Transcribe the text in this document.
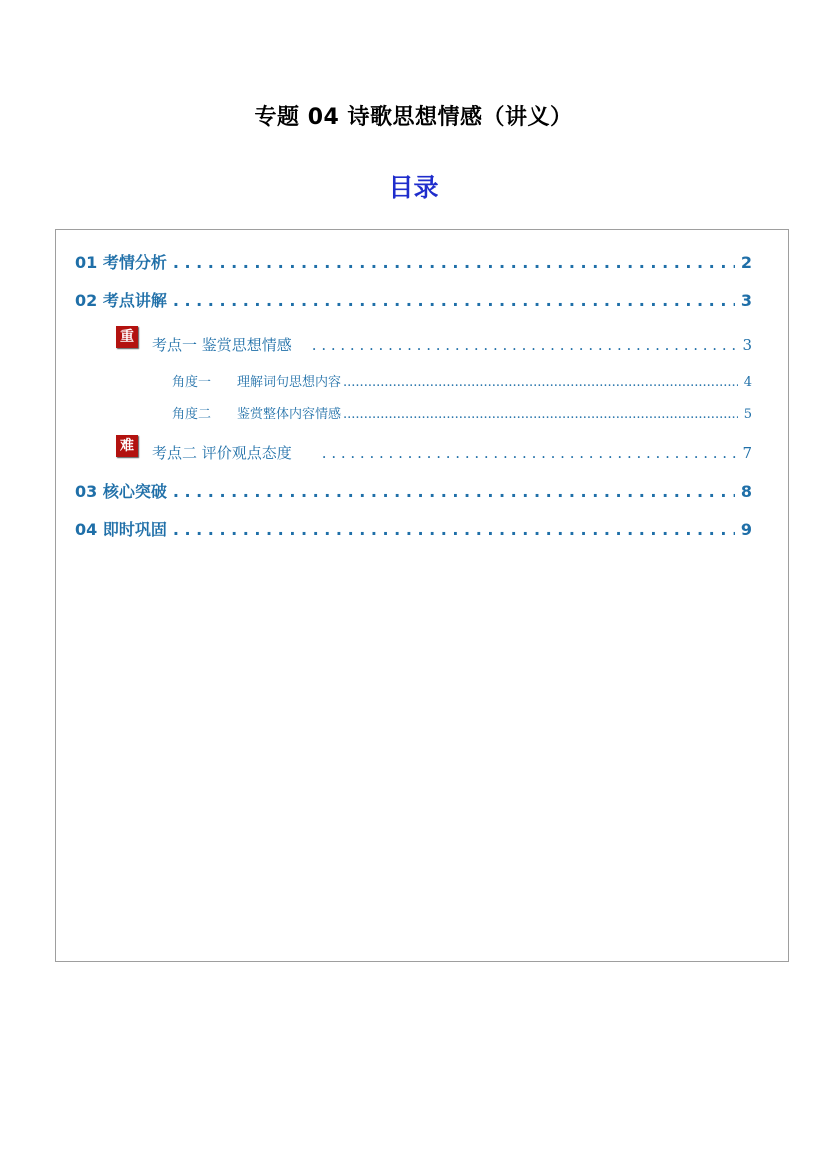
专题 04 诗歌思想情感（讲义）
目录
01 考情分析 . . .	2
02 考点讲解 . . .	3
重 考点一 鉴赏思想情感 . . .	3
角度一 理解词句思想内容 .....	4
角度二 鉴赏整体内容情感 .....	5
难 考点二 评价观点态度 . . .	7
03 核心突破 . . .	8
04 即时巩固 . . .	9
